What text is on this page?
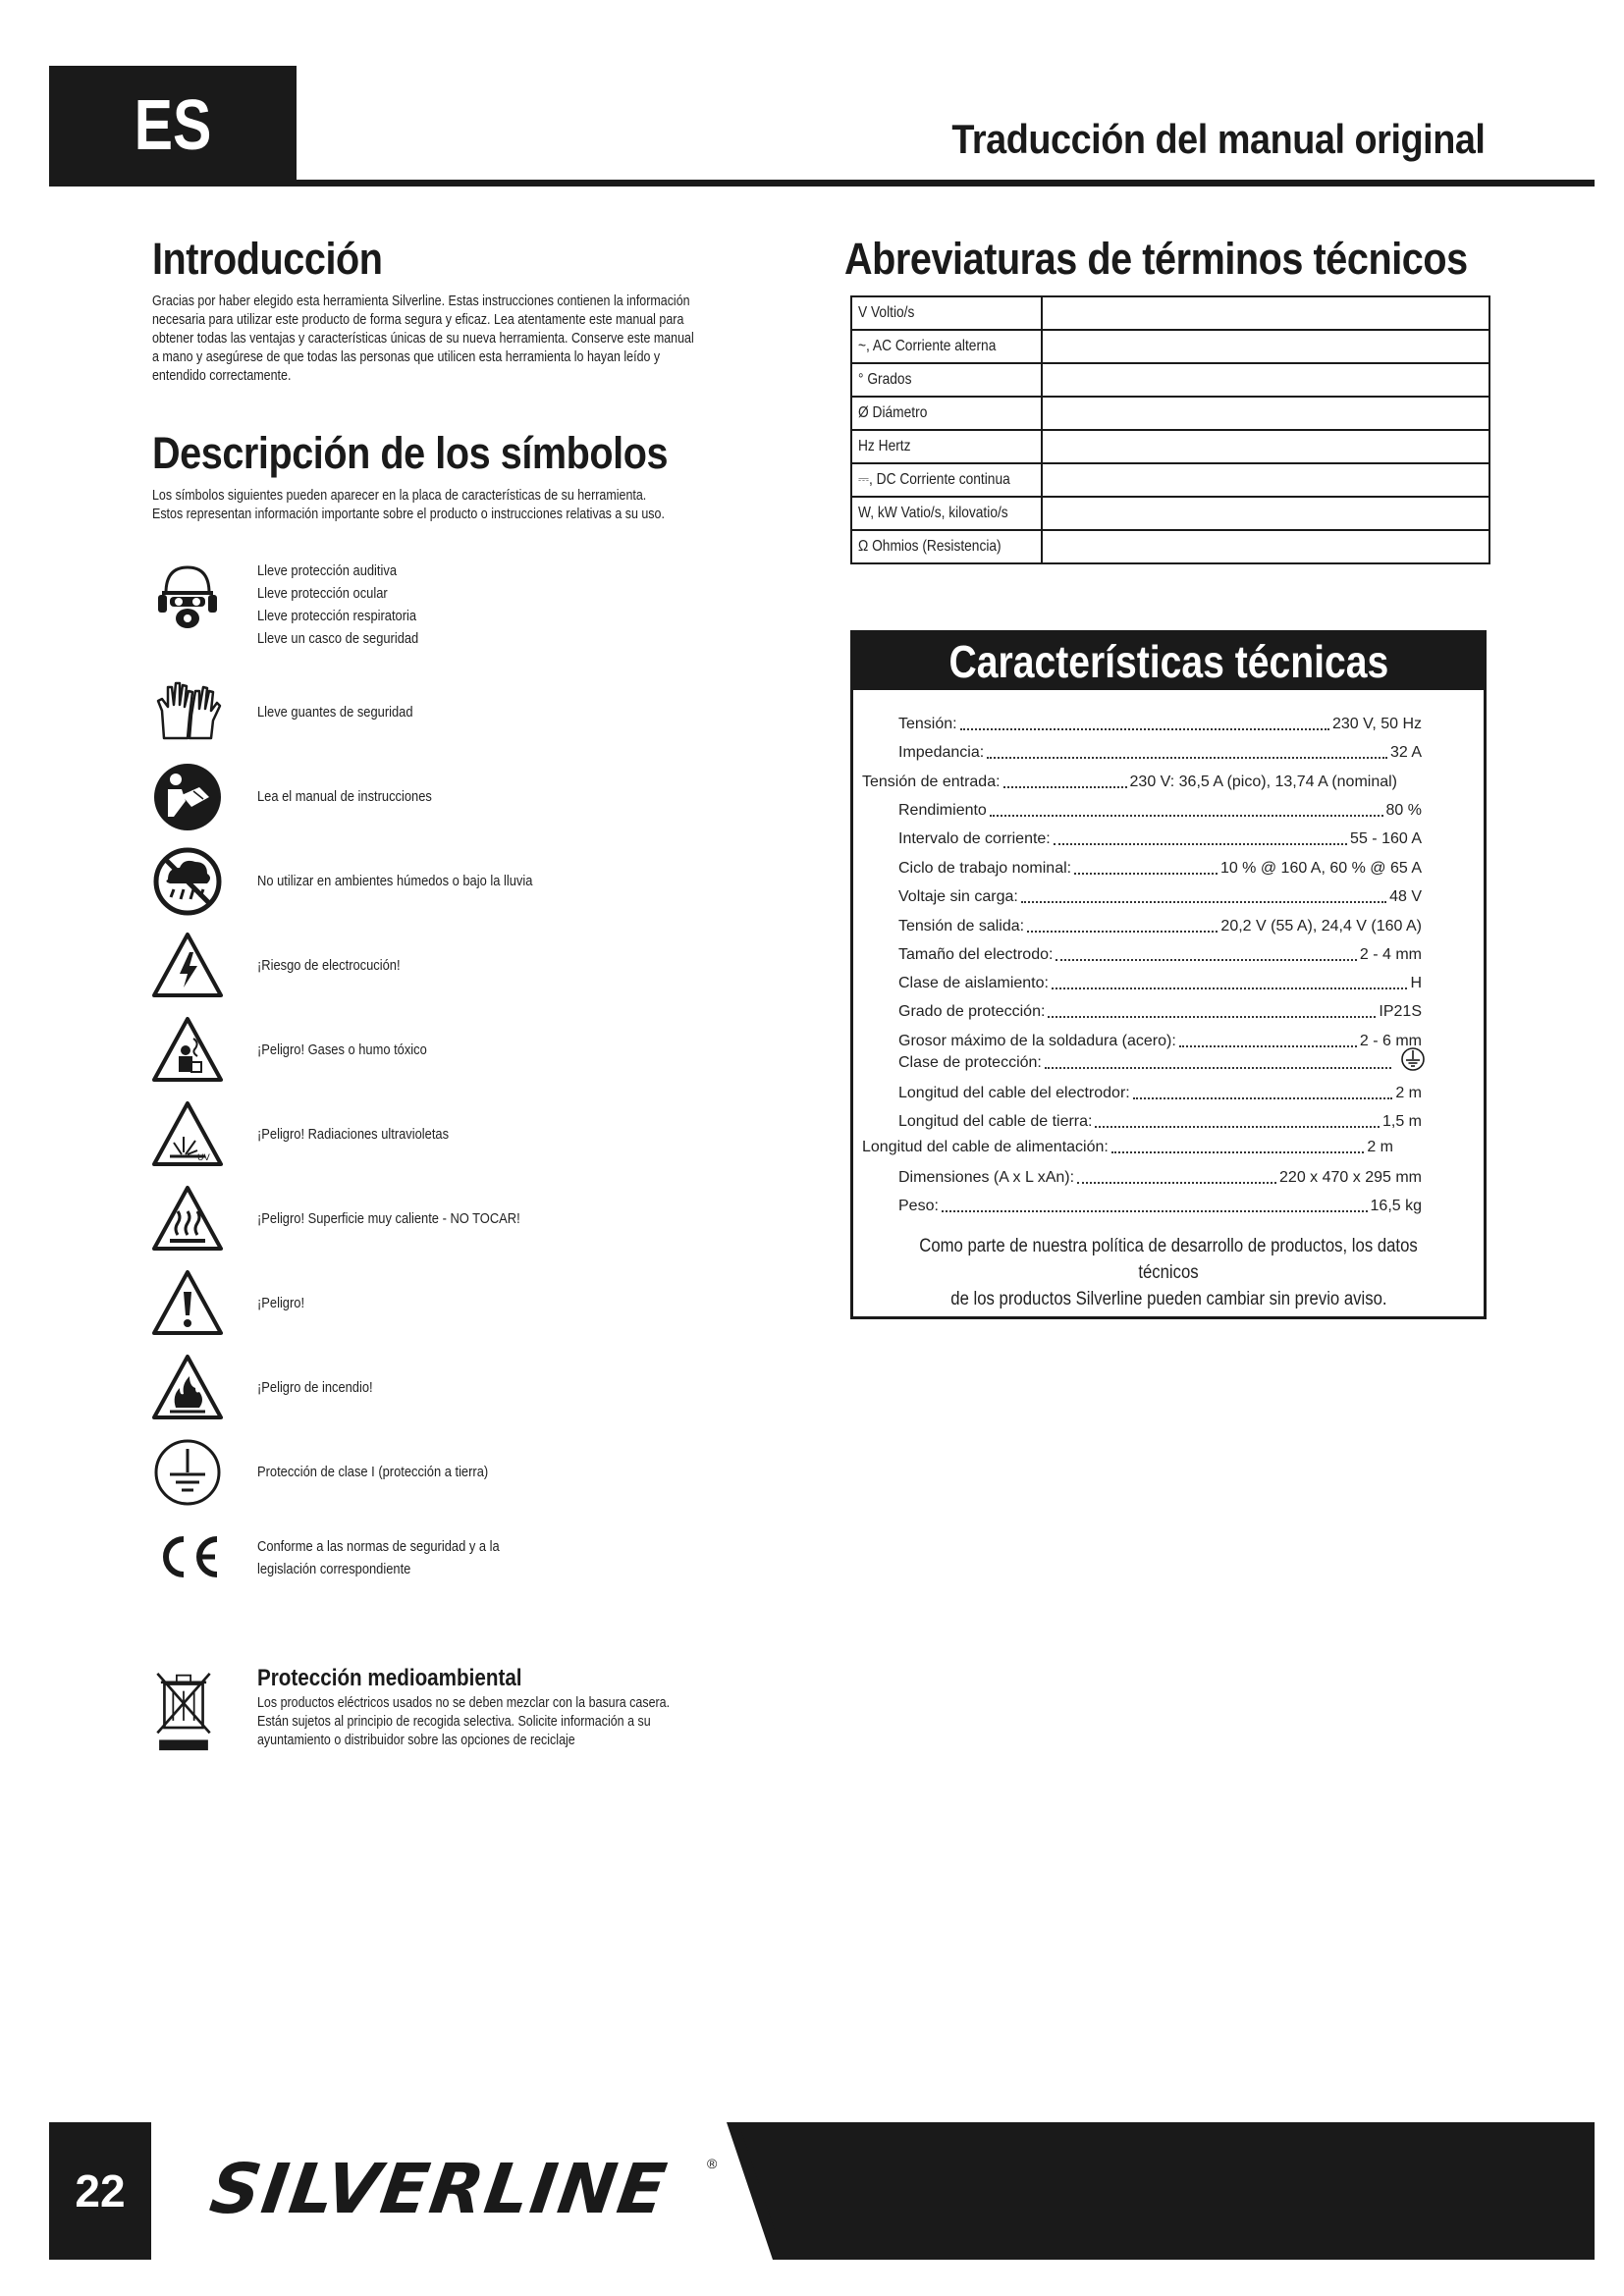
ES	Traducción del manual original
Introducción
Gracias por haber elegido esta herramienta Silverline. Estas instrucciones contienen la información
necesaria para utilizar este producto de forma segura y eficaz. Lea atentamente este manual para
obtener todas las ventajas y características únicas de su nueva herramienta. Conserve este manual
a mano y asegúrese de que todas las personas que utilicen esta herramienta lo hayan leído y
entendido correctamente.
Descripción de los símbolos
Los símbolos siguientes pueden aparecer en la placa de características de su herramienta.
Estos representan información importante sobre el producto o instrucciones relativas a su uso.
Lleve protección auditiva
Lleve protección ocular
Lleve protección respiratoria
Lleve un casco de seguridad
Lleve guantes de seguridad
Lea el manual de instrucciones
No utilizar en ambientes húmedos o bajo la lluvia
¡Riesgo de electrocución!
¡Peligro! Gases o humo tóxico
UV
¡Peligro! Radiaciones ultravioletas
¡Peligro! Superficie muy caliente - NO TOCAR!
¡Peligro!
¡Peligro de incendio!
Protección de clase I (protección a tierra)
Conforme a las normas de seguridad y a la
legislación correspondiente
Protección medioambiental
Los productos eléctricos usados no se deben mezclar con la basura casera.
Están sujetos al principio de recogida selectiva. Solicite información a su
ayuntamiento o distribuidor sobre las opciones de reciclaje
Abreviaturas de términos técnicos
V Voltio/s	
~, AC Corriente alterna	
° Grados	
Ø Diámetro	
Hz Hertz	
⎓, DC Corriente continua	
W, kW Vatio/s, kilovatio/s	
Ω Ohmios (Resistencia)	
Características técnicas
Tensión:	230 V, 50 Hz
Impedancia:	32 A
Tensión de entrada:	230 V: 36,5 A (pico), 13,74 A (nominal)
Rendimiento	80 %
Intervalo de corriente:	55 - 160 A
Ciclo de trabajo nominal:	10 % @ 160 A, 60 % @ 65 A
Voltaje sin carga:	48 V
Tensión de salida:	20,2 V (55 A), 24,4 V (160 A)
Tamaño del electrodo:	2 - 4 mm
Clase de aislamiento:	H
Grado de protección:	IP21S
Grosor máximo de la soldadura (acero):	2 - 6 mm
Clase de protección:
Longitud del cable del electrodor:	2 m
Longitud del cable de tierra:	1,5 m
Longitud del cable de alimentación:	2 m
Dimensiones (A x L xAn):	220 x 470 x 295 mm
Peso:	16,5 kg
Como parte de nuestra política de desarrollo de productos, los datos técnicos
de los productos Silverline pueden cambiar sin previo aviso.
22	SILVERLINE ®
